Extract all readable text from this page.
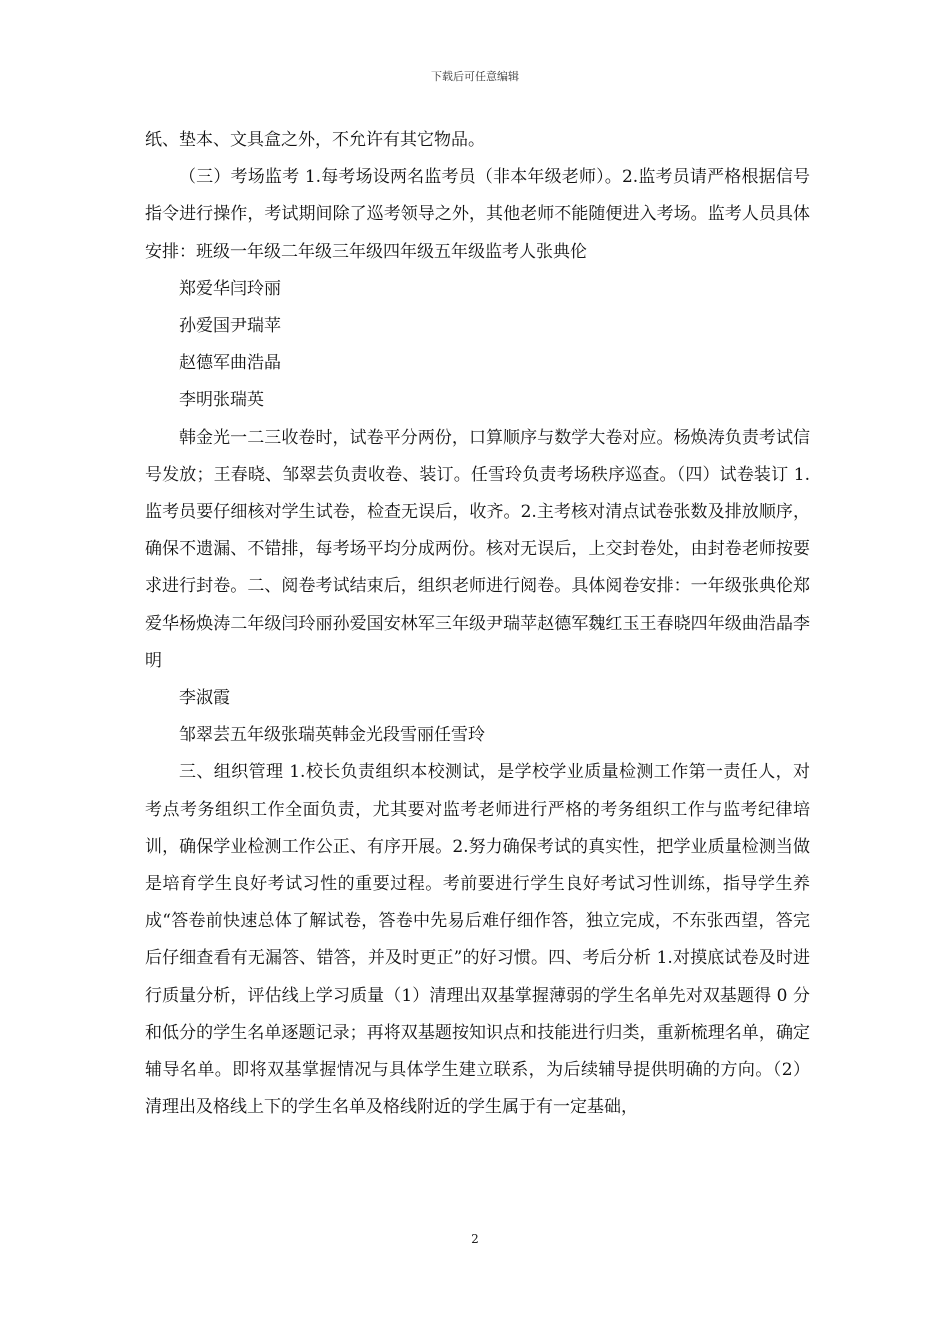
下载后可任意编辑

纸、垫本、文具盒之外，不允许有其它物品。

（三）考场监考 1.每考场设两名监考员（非本年级老师）。2.监考员请严格根据信号指令进行操作，考试期间除了巡考领导之外，其他老师不能随便进入考场。监考人员具体安排：班级一年级二年级三年级四年级五年级监考人张典伦

郑爱华闫玲丽

孙爱国尹瑞苹

赵德军曲浩晶

李明张瑞英

韩金光一二三收卷时，试卷平分两份，口算顺序与数学大卷对应。杨焕涛负责考试信号发放；王春晓、邹翠芸负责收卷、装订。任雪玲负责考场秩序巡查。（四）试卷装订 1.监考员要仔细核对学生试卷，检查无误后，收齐。2.主考核对清点试卷张数及排放顺序，确保不遗漏、不错排，每考场平均分成两份。核对无误后，上交封卷处，由封卷老师按要求进行封卷。二、阅卷考试结束后，组织老师进行阅卷。具体阅卷安排：一年级张典伦郑爱华杨焕涛二年级闫玲丽孙爱国安林军三年级尹瑞苹赵德军魏红玉王春晓四年级曲浩晶李明

李淑霞

邹翠芸五年级张瑞英韩金光段雪丽任雪玲

三、组织管理 1.校长负责组织本校测试，是学校学业质量检测工作第一责任人，对考点考务组织工作全面负责，尤其要对监考老师进行严格的考务组织工作与监考纪律培训，确保学业检测工作公正、有序开展。2.努力确保考试的真实性，把学业质量检测当做是培育学生良好考试习性的重要过程。考前要进行学生良好考试习性训练，指导学生养成“答卷前快速总体了解试卷，答卷中先易后难仔细作答，独立完成，不东张西望，答完后仔细查看有无漏答、错答，并及时更正”的好习惯。四、考后分析 1.对摸底试卷及时进行质量分析，评估线上学习质量（1）清理出双基掌握薄弱的学生名单先对双基题得 0 分和低分的学生名单逐题记录；再将双基题按知识点和技能进行归类，重新梳理名单，确定辅导名单。即将双基掌握情况与具体学生建立联系，为后续辅导提供明确的方向。（2）清理出及格线上下的学生名单及格线附近的学生属于有一定基础，

2
